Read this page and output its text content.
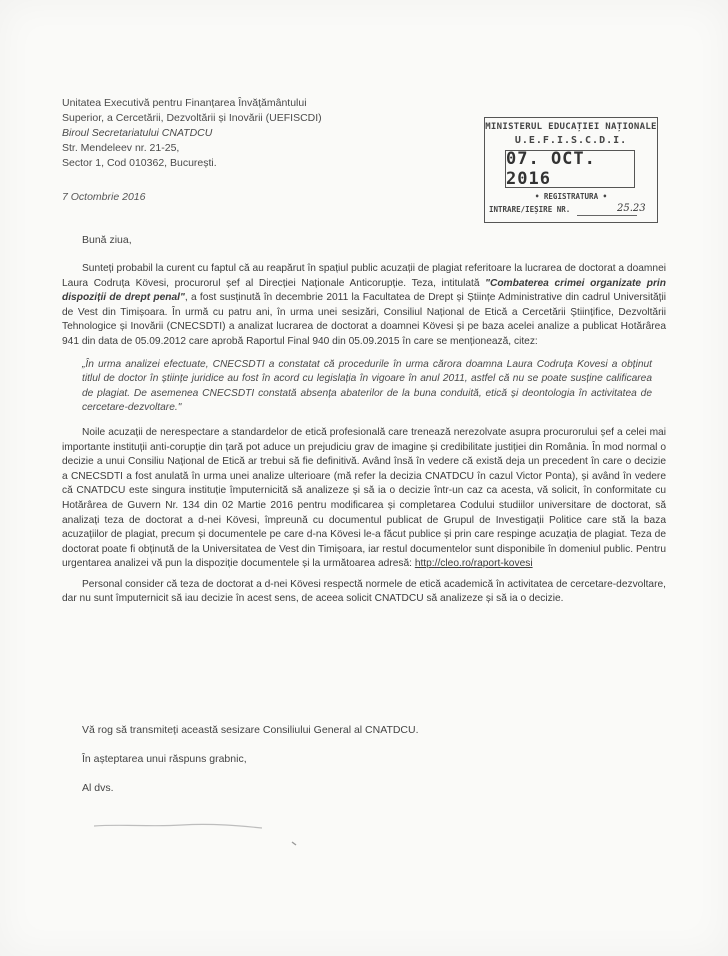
Unitatea Executivă pentru Finanțarea Învățământului
Superior, a Cercetării, Dezvoltării și Inovării (UEFISCDI)
Biroul Secretariatului CNATDCU
Str. Mendeleev nr. 21-25,
Sector 1, Cod 010362, București.
7 Octombrie 2016
MINISTERUL EDUCAȚIEI NAȚIONALE
U.E.F.I.S.C.D.I.
07. OCT. 2016
• REGISTRATURA •
INTRARE/IEȘIRE NR.	25.23
Bună ziua,

Sunteți probabil la curent cu faptul că au reapărut în spațiul public acuzații de plagiat referitoare la lucrarea de doctorat a doamnei Laura Codruța Kövesi, procurorul șef al Direcției Naționale Anticorupție. Teza, intitulată "Combaterea crimei organizate prin dispoziții de drept penal", a fost susținută în decembrie 2011 la Facultatea de Drept și Științe Administrative din cadrul Universității de Vest din Timișoara. În urmă cu patru ani, în urma unei sesizări, Consiliul Național de Etică a Cercetării Științifice, Dezvoltării Tehnologice și Inovării (CNECSDTI) a analizat lucrarea de doctorat a doamnei Kövesi și pe baza acelei analize a publicat Hotărârea 941 din data de 05.09.2012 care aprobă Raportul Final 940 din 05.09.2015 în care se menționează, citez:

„În urma analizei efectuate, CNECSDTI a constatat că procedurile în urma cărora doamna Laura Codruța Kovesi a obținut titlul de doctor în științe juridice au fost în acord cu legislația în vigoare în anul 2011, astfel că nu se poate susține calificarea de plagiat. De asemenea CNECSDTI constată absența abaterilor de la buna conduită, etică și deontologia în activitatea de cercetare-dezvoltare."

Noile acuzații de nerespectare a standardelor de etică profesională care trenează nerezolvate asupra procurorului șef a celei mai importante instituții anti-corupție din țară pot aduce un prejudiciu grav de imagine și credibilitate justiției din România. În mod normal o decizie a unui Consiliu Național de Etică ar trebui să fie definitivă. Având însă în vedere că există deja un precedent în care o decizie a CNECSDTI a fost anulată în urma unei analize ulterioare (mă refer la decizia CNATDCU în cazul Victor Ponta), și având în vedere că CNATDCU este singura instituție împuternicită să analizeze și să ia o decizie într-un caz ca acesta, vă solicit, în conformitate cu Hotărârea de Guvern Nr. 134 din 02 Martie 2016 pentru modificarea și completarea Codului studiilor universitare de doctorat, să analizați teza de doctorat a d-nei Kövesi, împreună cu documentul publicat de Grupul de Investigații Politice care stă la baza acuzațiilor de plagiat, precum și documentele pe care d-na Kövesi le-a făcut publice și prin care respinge acuzația de plagiat. Teza de doctorat poate fi obținută de la Universitatea de Vest din Timișoara, iar restul documentelor sunt disponibile în domeniul public. Pentru urgentarea analizei vă pun la dispoziție documentele și la următoarea adresă: http://cleo.ro/raport-kovesi

Personal consider că teza de doctorat a d-nei Kövesi respectă normele de etică academică în activitatea de cercetare-dezvoltare, dar nu sunt împuternicit să iau decizie în acest sens, de aceea solicit CNATDCU să analizeze și să ia o decizie.

Vă rog să transmiteți această sesizare Consiliului General al CNATDCU.
În așteptarea unui răspuns grabnic,
Al dvs.
